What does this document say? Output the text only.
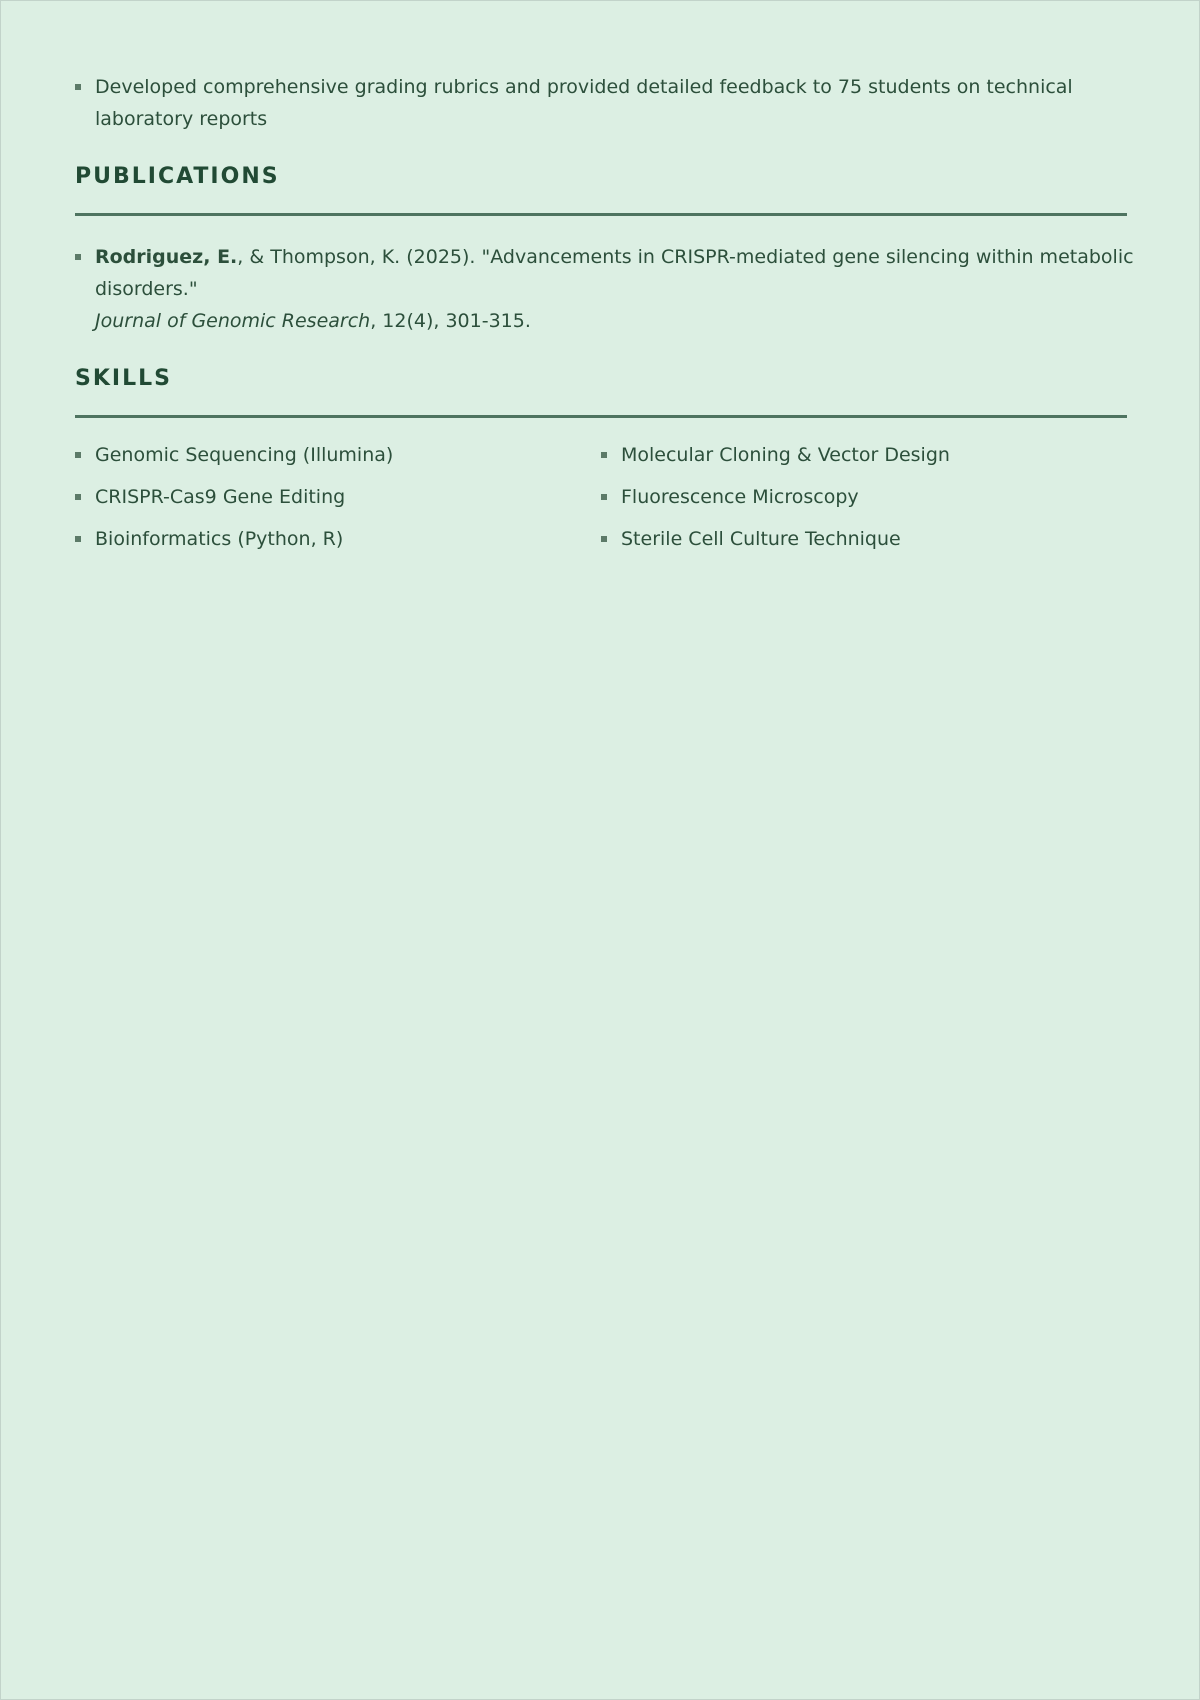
Developed comprehensive grading rubrics and provided detailed feedback to 75 students on technical laboratory reports
PUBLICATIONS
Rodriguez, E., & Thompson, K. (2025). "Advancements in CRISPR-mediated gene silencing within metabolic disorders."
Journal of Genomic Research, 12(4), 301-315.
SKILLS
Genomic Sequencing (Illumina)	Molecular Cloning & Vector Design
CRISPR-Cas9 Gene Editing	Fluorescence Microscopy
Bioinformatics (Python, R)	Sterile Cell Culture Technique
